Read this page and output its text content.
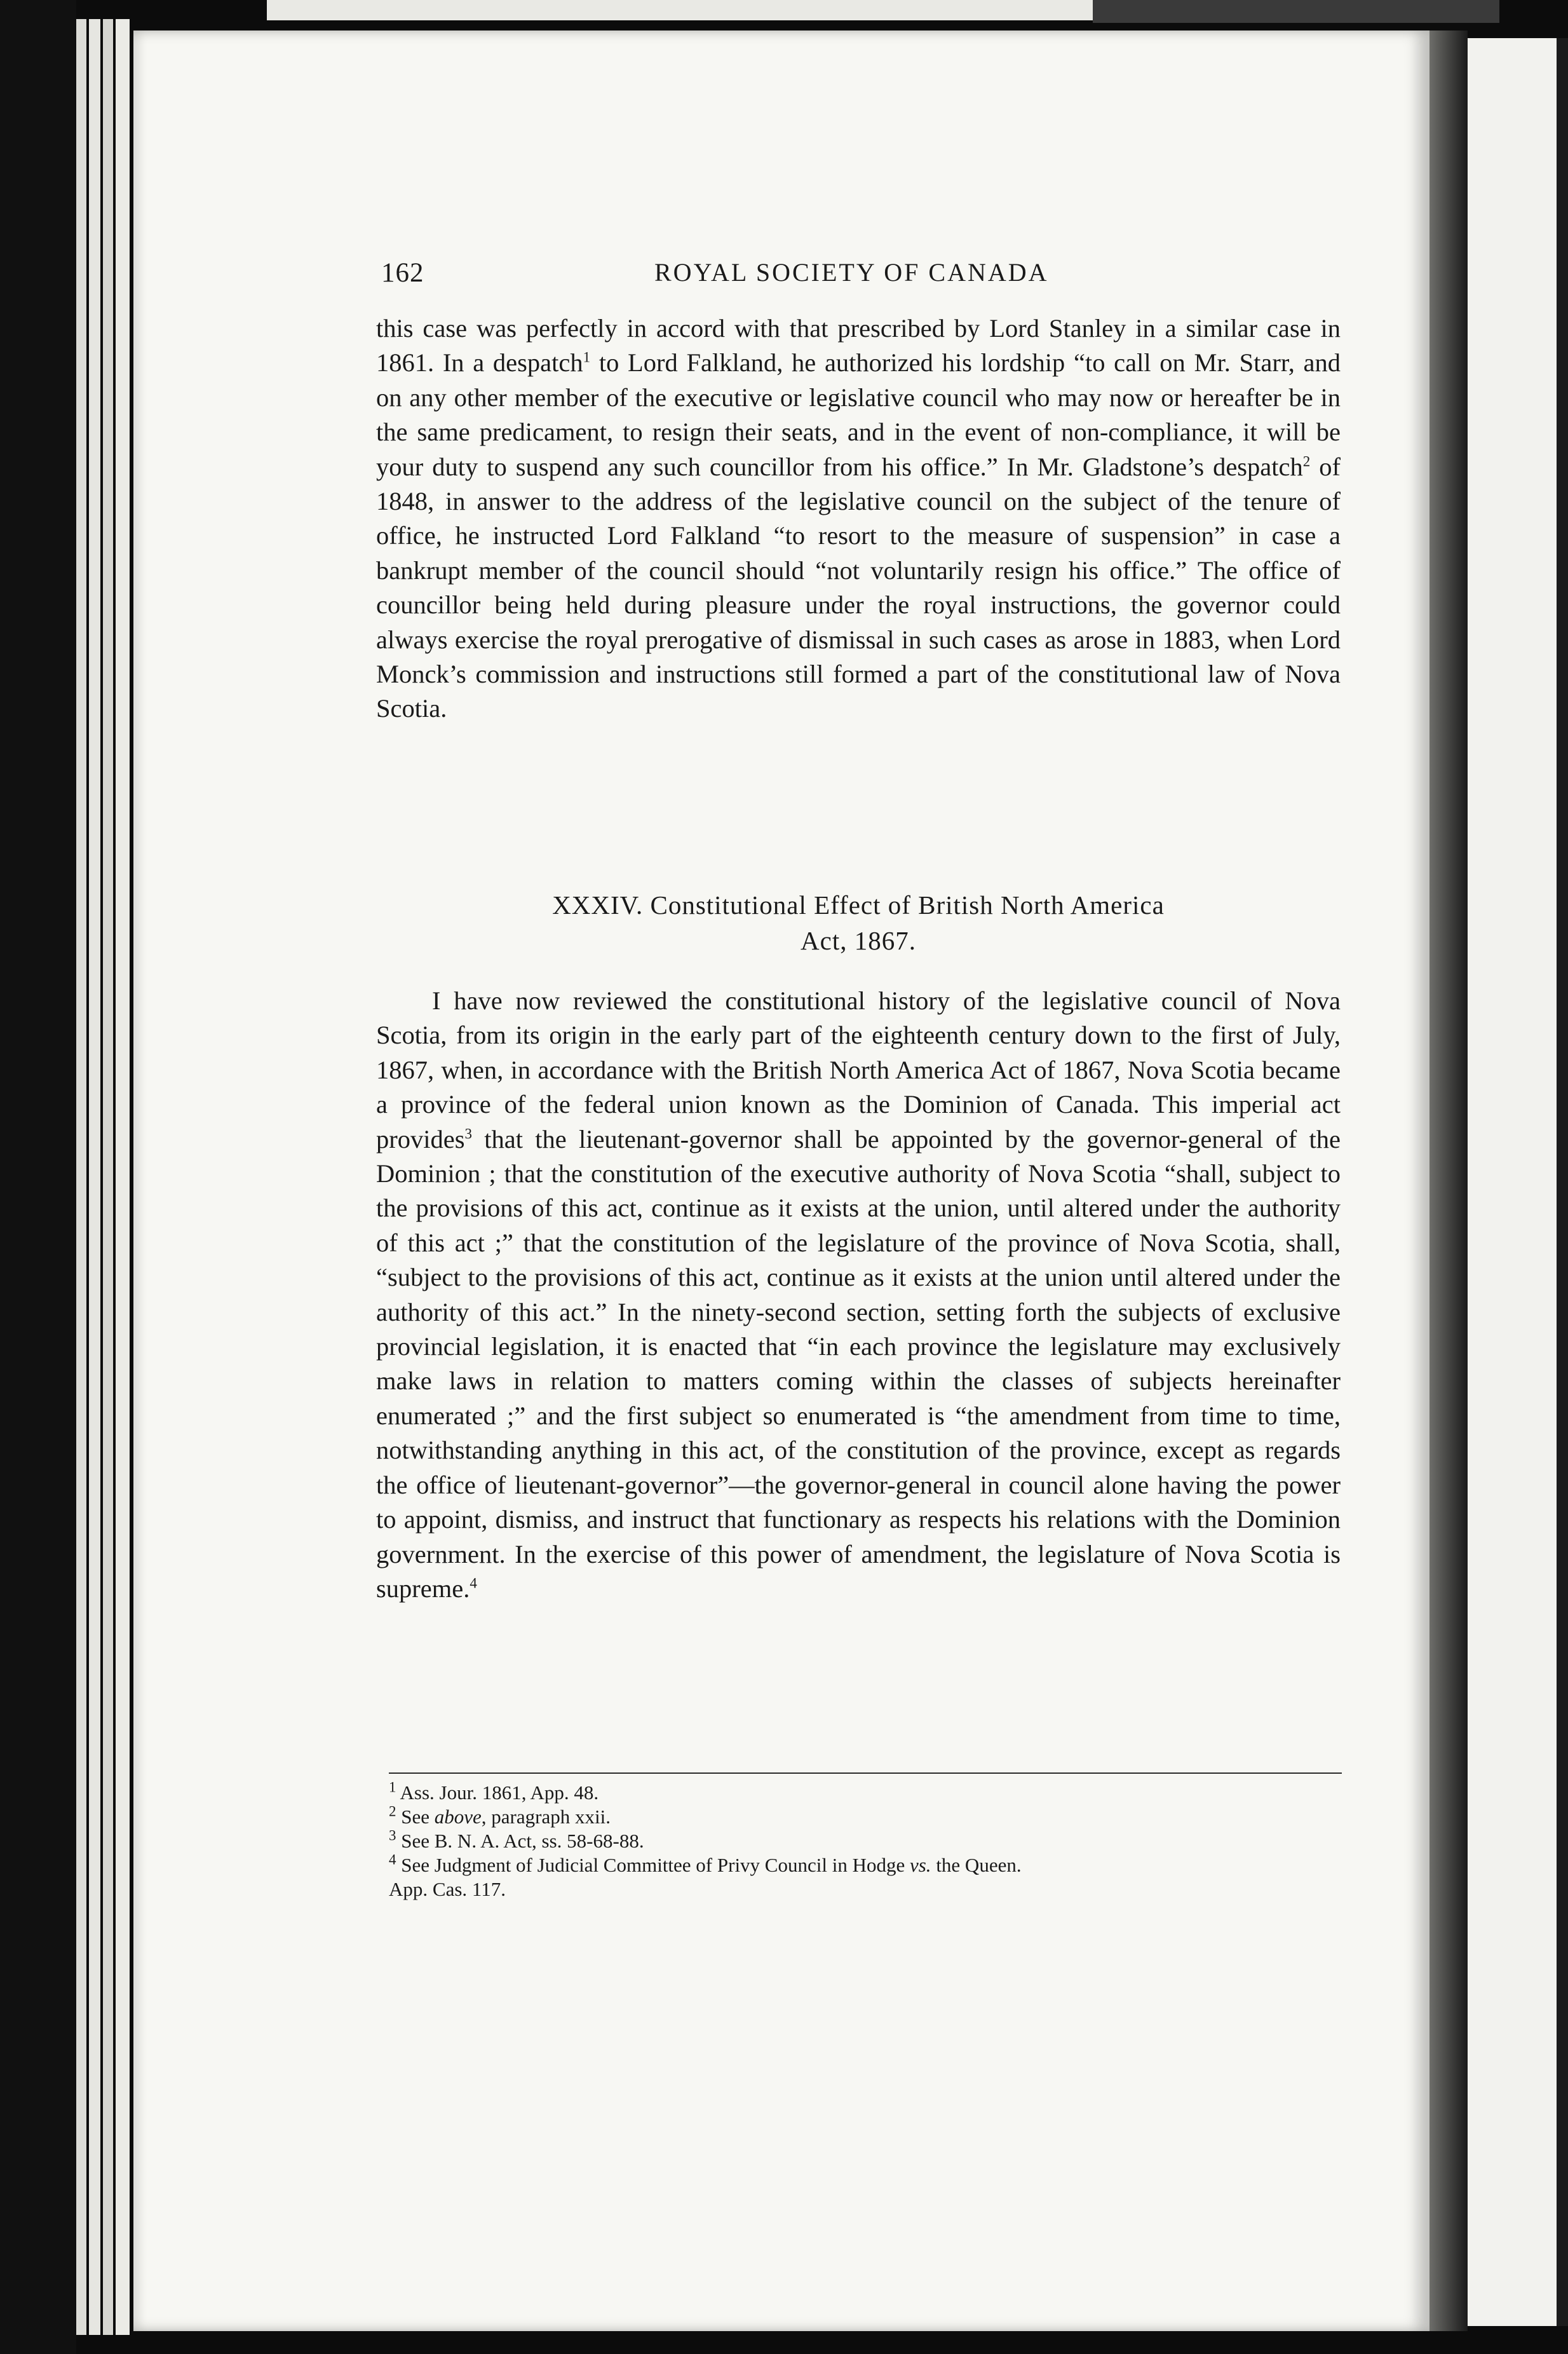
162	ROYAL SOCIETY OF CANADA
this case was perfectly in accord with that prescribed by Lord Stanley in a similar case in 1861. In a despatch$^1$ to Lord Falkland, he authorized his lordship “to call on Mr. Starr, and on any other member of the executive or legislative council who may now or hereafter be in the same predicament, to resign their seats, and in the event of non-compliance, it will be your duty to suspend any such councillor from his office.” In Mr. Gladstone’s despatch$^2$ of 1848, in answer to the address of the legislative council on the subject of the tenure of office, he instructed Lord Falkland “to resort to the measure of suspension” in case a bankrupt member of the council should “not voluntarily resign his office.” The office of councillor being held during pleasure under the royal instructions, the governor could always exercise the royal prerogative of dismissal in such cases as arose in 1883, when Lord Monck’s commission and instructions still formed a part of the constitutional law of Nova Scotia.
XXXIV. Constitutional Effect of British North America
Act, 1867.
I have now reviewed the constitutional history of the legislative council of Nova Scotia, from its origin in the early part of the eighteenth century down to the first of July, 1867, when, in accordance with the British North America Act of 1867, Nova Scotia became a province of the federal union known as the Dominion of Canada. This imperial act provides$^3$ that the lieutenant-governor shall be appointed by the governor-general of the Dominion ; that the constitution of the executive authority of Nova Scotia “shall, subject to the provisions of this act, continue as it exists at the union, until altered under the authority of this act ;” that the constitution of the legislature of the province of Nova Scotia, shall, “subject to the provisions of this act, continue as it exists at the union until altered under the authority of this act.” In the ninety-second section, setting forth the subjects of exclusive provincial legislation, it is enacted that “in each province the legislature may exclusively make laws in relation to matters coming within the classes of subjects hereinafter enumerated ;” and the first subject so enumerated is “the amendment from time to time, notwithstanding anything in this act, of the constitution of the province, except as regards the office of lieutenant-governor”—the governor-general in council alone having the power to appoint, dismiss, and instruct that functionary as respects his relations with the Dominion government. In the exercise of this power of amendment, the legislature of Nova Scotia is supreme.$^4$
$^1$ Ass. Jour. 1861, App. 48.
$^2$ See above, paragraph xxii.
$^3$ See B. N. A. Act, ss. 58-68-88.
$^4$ See Judgment of Judicial Committee of Privy Council in Hodge vs. the Queen.
App. Cas. 117.
